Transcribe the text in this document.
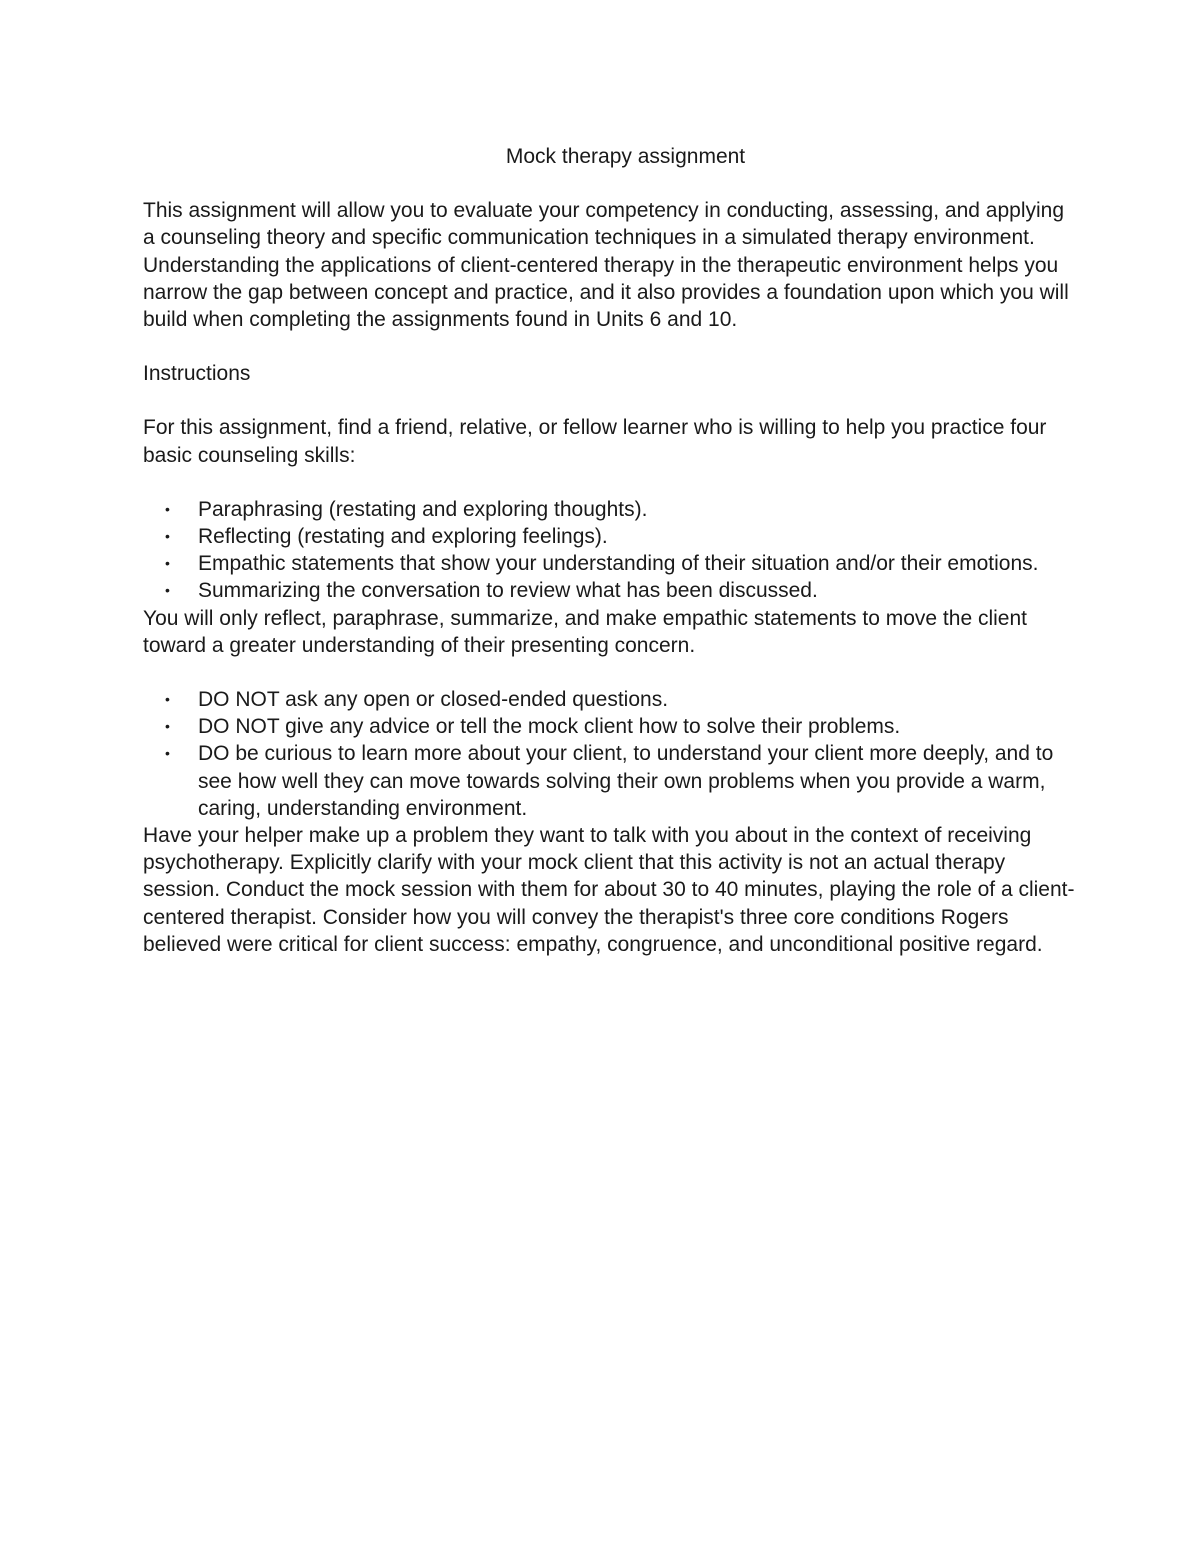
Mock therapy assignment

This assignment will allow you to evaluate your competency in conducting, assessing, and applying a counseling theory and specific communication techniques in a simulated therapy environment. Understanding the applications of client-centered therapy in the therapeutic environment helps you narrow the gap between concept and practice, and it also provides a foundation upon which you will build when completing the assignments found in Units 6 and 10.

Instructions

For this assignment, find a friend, relative, or fellow learner who is willing to help you practice four basic counseling skills:

• Paraphrasing (restating and exploring thoughts).
• Reflecting (restating and exploring feelings).
• Empathic statements that show your understanding of their situation and/or their emotions.
• Summarizing the conversation to review what has been discussed.

You will only reflect, paraphrase, summarize, and make empathic statements to move the client toward a greater understanding of their presenting concern.

• DO NOT ask any open or closed-ended questions.
• DO NOT give any advice or tell the mock client how to solve their problems.
• DO be curious to learn more about your client, to understand your client more deeply, and to see how well they can move towards solving their own problems when you provide a warm, caring, understanding environment.

Have your helper make up a problem they want to talk with you about in the context of receiving psychotherapy. Explicitly clarify with your mock client that this activity is not an actual therapy session. Conduct the mock session with them for about 30 to 40 minutes, playing the role of a client-centered therapist. Consider how you will convey the therapist's three core conditions Rogers believed were critical for client success: empathy, congruence, and unconditional positive regard.
